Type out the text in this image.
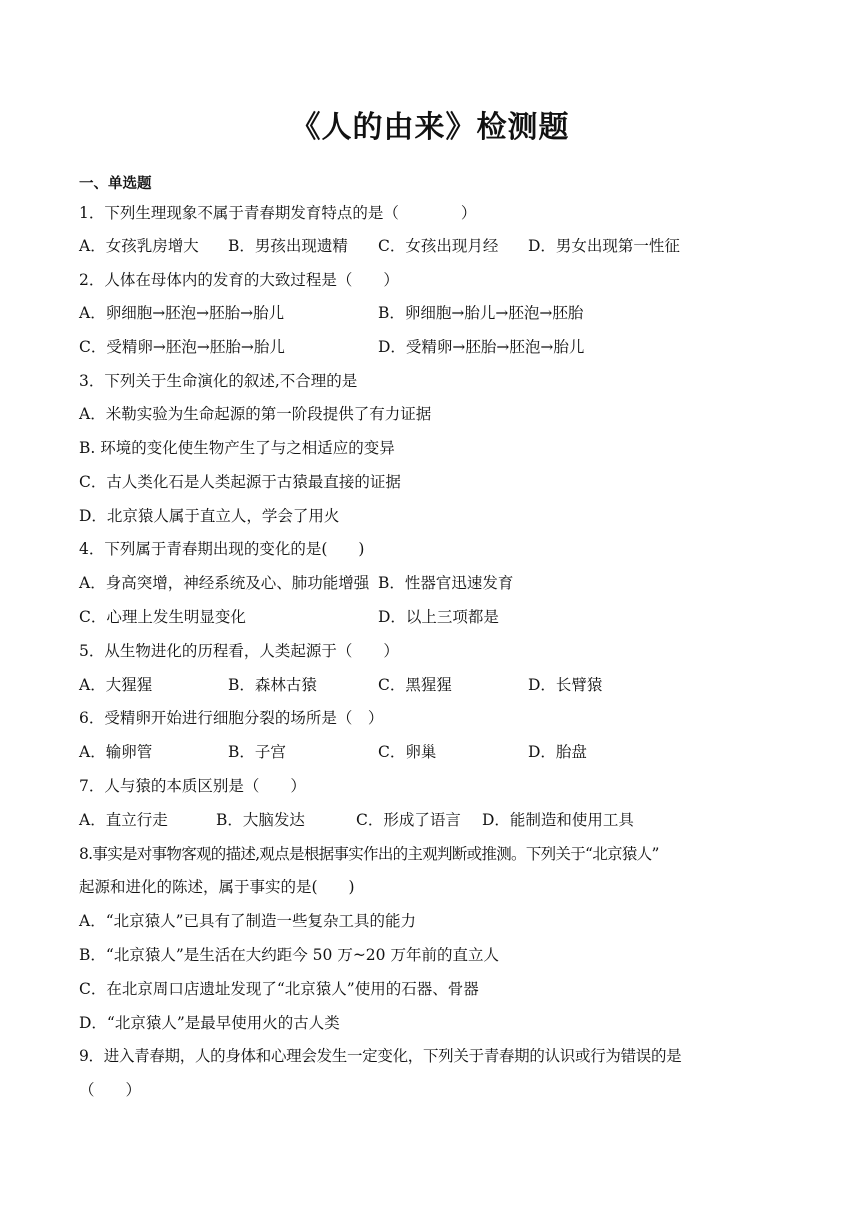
《人的由来》检测题
一、单选题
1．下列生理现象不属于青春期发育特点的是（　　　　）
A．女孩乳房增大 B．男孩出现遗精 C．女孩出现月经 D．男女出现第一性征
2．人体在母体内的发育的大致过程是（　　）
A．卵细胞→胚泡→胚胎→胎儿	B．卵细胞→胎儿→胚泡→胚胎
C．受精卵→胚泡→胚胎→胎儿	D．受精卵→胚胎→胚泡→胎儿
3．下列关于生命演化的叙述,不合理的是
A．米勒实验为生命起源的第一阶段提供了有力证据
B. 环境的变化使生物产生了与之相适应的变异
C．古人类化石是人类起源于古猿最直接的证据
D．北京猿人属于直立人，学会了用火
4．下列属于青春期出现的变化的是(　　)
A．身高突增，神经系统及心、肺功能增强 B．性器官迅速发育
C．心理上发生明显变化	D．以上三项都是
5．从生物进化的历程看，人类起源于（　　）
A．大猩猩	B．森林古猿	C．黑猩猩	D．长臂猿
6．受精卵开始进行细胞分裂的场所是（　）
A．输卵管	B．子宫	C．卵巢	D．胎盘
7．人与猿的本质区别是（　　）
A．直立行走	B．大脑发达	C．形成了语言 D．能制造和使用工具
8.事实是对事物客观的描述,观点是根据事实作出的主观判断或推测。下列关于“北京猿人”
起源和进化的陈述，属于事实的是(　　)
A．“北京猿人”已具有了制造一些复杂工具的能力
B．“北京猿人”是生活在大约距今 50 万~20 万年前的直立人
C．在北京周口店遗址发现了“北京猿人”使用的石器、骨器
D．“北京猿人”是最早使用火的古人类
9．进入青春期，人的身体和心理会发生一定变化，下列关于青春期的认识或行为错误的是
（　　）
